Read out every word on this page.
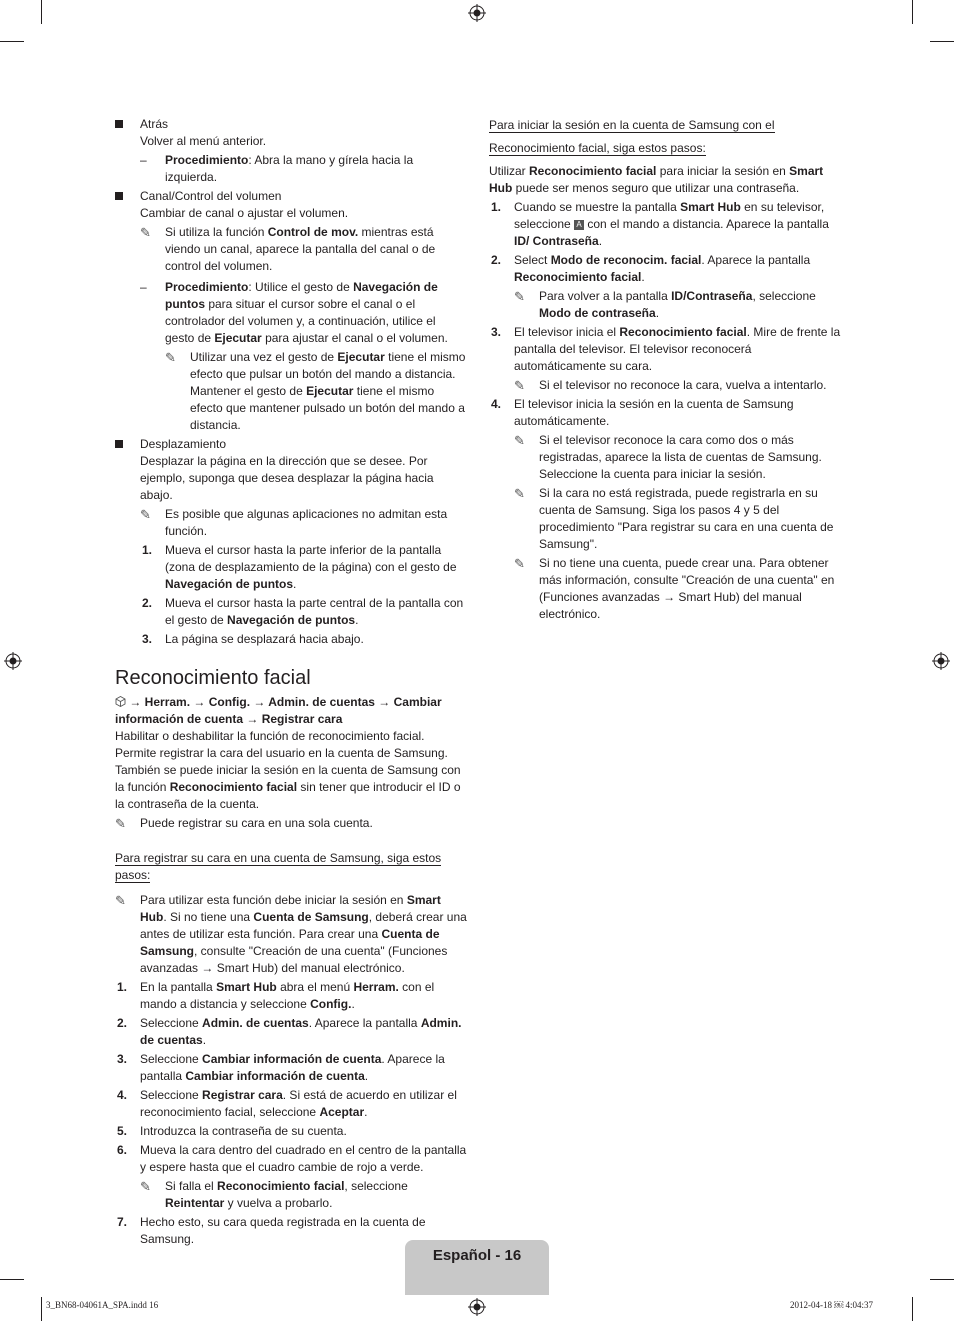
Atrás

Volver al menú anterior.

– Procedimiento: Abra la mano y gírela hacia la izquierda.
Canal/Control del volumen

Cambiar de canal o ajustar el volumen.

✎ Si utiliza la función Control de mov. mientras está viendo un canal, aparece la pantalla del canal o de control del volumen.
– Procedimiento: Utilice el gesto de Navegación de puntos para situar el cursor sobre el canal o el controlador del volumen y, a continuación, utilice el gesto de Ejecutar para ajustar el canal o el volumen.
✎ Utilizar una vez el gesto de Ejecutar tiene el mismo efecto que pulsar un botón del mando a distancia. Mantener el gesto de Ejecutar tiene el mismo efecto que mantener pulsado un botón del mando a distancia.
Desplazamiento

Desplazar la página en la dirección que se desee. Por ejemplo, suponga que desea desplazar la página hacia abajo.

✎ Es posible que algunas aplicaciones no admitan esta función.
1. Mueva el cursor hasta la parte inferior de la pantalla (zona de desplazamiento de la página) con el gesto de Navegación de puntos.
2. Mueva el cursor hasta la parte central de la pantalla con el gesto de Navegación de puntos.
3. La página se desplazará hacia abajo.
Reconocimiento facial

→ Herram. → Config. → Admin. de cuentas → Cambiar información de cuenta → Registrar cara

Habilitar o deshabilitar la función de reconocimiento facial. Permite registrar la cara del usuario en la cuenta de Samsung. También se puede iniciar la sesión en la cuenta de Samsung con la función Reconocimiento facial sin tener que introducir el ID o la contraseña de la cuenta.

✎ Puede registrar su cara en una sola cuenta.
Para registrar su cara en una cuenta de Samsung, siga estos pasos:
✎ Para utilizar esta función debe iniciar la sesión en Smart Hub. Si no tiene una Cuenta de Samsung, deberá crear una antes de utilizar esta función. Para crear una Cuenta de Samsung, consulte "Creación de una cuenta" (Funciones avanzadas → Smart Hub) del manual electrónico.
1. En la pantalla Smart Hub abra el menú Herram. con el mando a distancia y seleccione Config..
2. Seleccione Admin. de cuentas. Aparece la pantalla Admin. de cuentas.
3. Seleccione Cambiar información de cuenta. Aparece la pantalla Cambiar información de cuenta.
4. Seleccione Registrar cara. Si está de acuerdo en utilizar el reconocimiento facial, seleccione Aceptar.
5. Introduzca la contraseña de su cuenta.
6. Mueva la cara dentro del cuadrado en el centro de la pantalla y espere hasta que el cuadro cambie de rojo a verde.
✎ Si falla el Reconocimiento facial, seleccione Reintentar y vuelva a probarlo.
7. Hecho esto, su cara queda registrada en la cuenta de Samsung.
Para iniciar la sesión en la cuenta de Samsung con el
Reconocimiento facial, siga estos pasos:

Utilizar Reconocimiento facial para iniciar la sesión en Smart Hub puede ser menos seguro que utilizar una contraseña.

1. Cuando se muestre la pantalla Smart Hub en su televisor, seleccione A con el mando a distancia. Aparece la pantalla ID/ Contraseña.
2. Select Modo de reconocim. facial. Aparece la pantalla Reconocimiento facial.
✎ Para volver a la pantalla ID/Contraseña, seleccione Modo de contraseña.
3. El televisor inicia el Reconocimiento facial. Mire de frente la pantalla del televisor. El televisor reconocerá automáticamente su cara.
✎ Si el televisor no reconoce la cara, vuelva a intentarlo.
4. El televisor inicia la sesión en la cuenta de Samsung automáticamente.
✎ Si el televisor reconoce la cara como dos o más registradas, aparece la lista de cuentas de Samsung. Seleccione la cuenta para iniciar la sesión.
✎ Si la cara no está registrada, puede registrarla en su cuenta de Samsung. Siga los pasos 4 y 5 del procedimiento "Para registrar su cara en una cuenta de Samsung".
✎ Si no tiene una cuenta, puede crear una. Para obtener más información, consulte "Creación de una cuenta" en (Funciones avanzadas → Smart Hub) del manual electrónico.
Español - 16
3_BN68-04061A_SPA.indd 16	2012-04-18 ￼ 4:04:37
